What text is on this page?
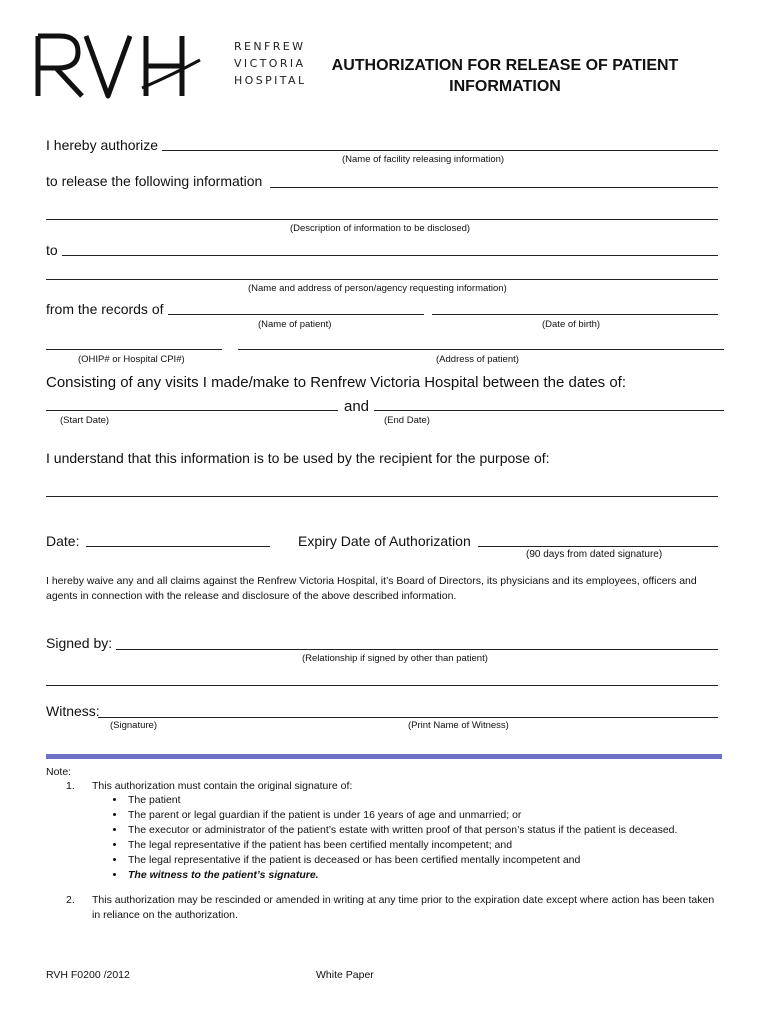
RENFREW
VICTORIA
HOSPITAL
AUTHORIZATION FOR RELEASE OF PATIENT
INFORMATION
I hereby authorize
(Name of facility releasing information)
to release the following information
(Description of information to be disclosed)
to
(Name and address of person/agency requesting information)
from the records of
(Name of patient)	(Date of birth)
(OHIP# or Hospital CPI#)	(Address of patient)
Consisting of any visits I made/make to Renfrew Victoria Hospital between the dates of:
and
(Start Date)	(End Date)
I understand that this information is to be used by the recipient for the purpose of:
Date:	Expiry Date of Authorization
(90 days from dated signature)
I hereby waive any and all claims against the Renfrew Victoria Hospital, it’s Board of Directors, its physicians and its employees, officers and agents in connection with the release and disclosure of the above described information.
Signed by:
(Relationship if signed by other than patient)
Witness:
(Signature)	(Print Name of Witness)
Note:
1. This authorization must contain the original signature of:
• The patient
• The parent or legal guardian if the patient is under 16 years of age and unmarried; or
• The executor or administrator of the patient’s estate with written proof of that person’s status if the patient is deceased.
• The legal representative if the patient has been certified mentally incompetent; and
• The legal representative if the patient is deceased or has been certified mentally incompetent and
• The witness to the patient’s signature.
2. This authorization may be rescinded or amended in writing at any time prior to the expiration date except where action has been taken in reliance on the authorization.
RVH F0200 /2012	White Paper
